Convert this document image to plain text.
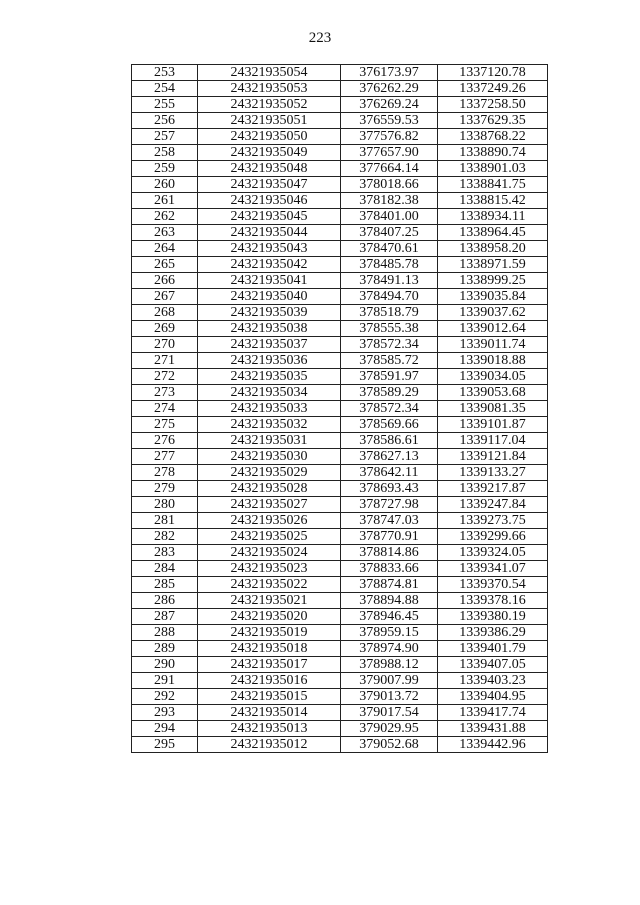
223
253	24321935054	376173.97	1337120.78
254	24321935053	376262.29	1337249.26
255	24321935052	376269.24	1337258.50
256	24321935051	376559.53	1337629.35
257	24321935050	377576.82	1338768.22
258	24321935049	377657.90	1338890.74
259	24321935048	377664.14	1338901.03
260	24321935047	378018.66	1338841.75
261	24321935046	378182.38	1338815.42
262	24321935045	378401.00	1338934.11
263	24321935044	378407.25	1338964.45
264	24321935043	378470.61	1338958.20
265	24321935042	378485.78	1338971.59
266	24321935041	378491.13	1338999.25
267	24321935040	378494.70	1339035.84
268	24321935039	378518.79	1339037.62
269	24321935038	378555.38	1339012.64
270	24321935037	378572.34	1339011.74
271	24321935036	378585.72	1339018.88
272	24321935035	378591.97	1339034.05
273	24321935034	378589.29	1339053.68
274	24321935033	378572.34	1339081.35
275	24321935032	378569.66	1339101.87
276	24321935031	378586.61	1339117.04
277	24321935030	378627.13	1339121.84
278	24321935029	378642.11	1339133.27
279	24321935028	378693.43	1339217.87
280	24321935027	378727.98	1339247.84
281	24321935026	378747.03	1339273.75
282	24321935025	378770.91	1339299.66
283	24321935024	378814.86	1339324.05
284	24321935023	378833.66	1339341.07
285	24321935022	378874.81	1339370.54
286	24321935021	378894.88	1339378.16
287	24321935020	378946.45	1339380.19
288	24321935019	378959.15	1339386.29
289	24321935018	378974.90	1339401.79
290	24321935017	378988.12	1339407.05
291	24321935016	379007.99	1339403.23
292	24321935015	379013.72	1339404.95
293	24321935014	379017.54	1339417.74
294	24321935013	379029.95	1339431.88
295	24321935012	379052.68	1339442.96
